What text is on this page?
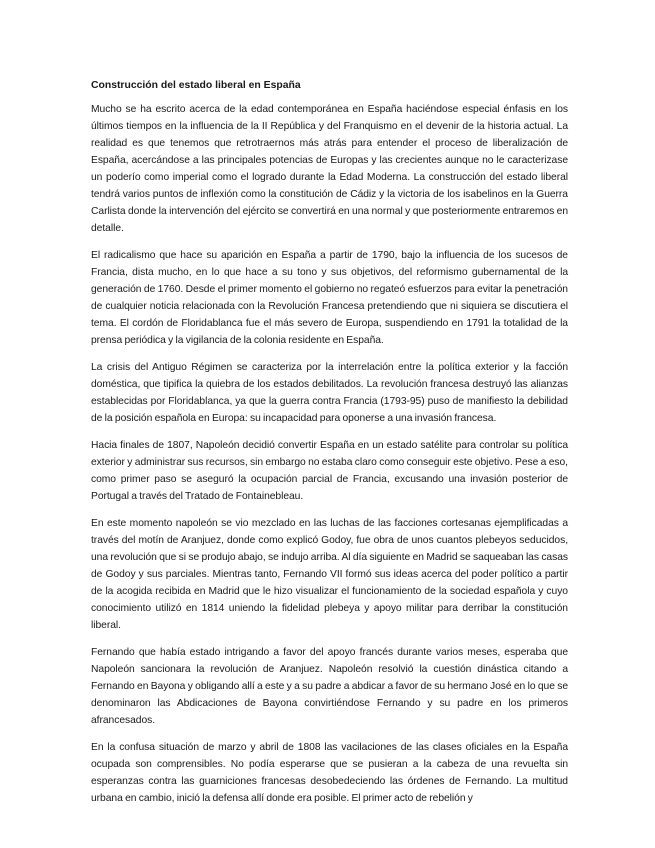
Construcción del estado liberal en España

Mucho se ha escrito acerca de la edad contemporánea en España haciéndose especial énfasis en los últimos tiempos en la influencia de la II República y del Franquismo en el devenir de la historia actual. La realidad es que tenemos que retrotraernos más atrás para entender el proceso de liberalización de España, acercándose a las principales potencias de Europas y las crecientes aunque no le caracterizase un poderío como imperial como el logrado durante la Edad Moderna. La construcción del estado liberal tendrá varios puntos de inflexión como la constitución de Cádiz y la victoria de los isabelinos en la Guerra Carlista donde la intervención del ejército se convertirá en una normal y que posteriormente entraremos en detalle.

El radicalismo que hace su aparición en España a partir de 1790, bajo la influencia de los sucesos de Francia, dista mucho, en lo que hace a su tono y sus objetivos, del reformismo gubernamental de la generación de 1760. Desde el primer momento el gobierno no regateó esfuerzos para evitar la penetración de cualquier noticia relacionada con la Revolución Francesa pretendiendo que ni siquiera se discutiera el tema. El cordón de Floridablanca fue el más severo de Europa, suspendiendo en 1791 la totalidad de la prensa periódica y la vigilancia de la colonia residente en España.

La crisis del Antiguo Régimen se caracteriza por la interrelación entre la política exterior y la facción doméstica, que tipifica la quiebra de los estados debilitados. La revolución francesa destruyó las alianzas establecidas por Floridablanca, ya que la guerra contra Francia (1793-95) puso de manifiesto la debilidad de la posición española en Europa: su incapacidad para oponerse a una invasión francesa.

Hacia finales de 1807, Napoleón decidió convertir España en un estado satélite para controlar su política exterior y administrar sus recursos, sin embargo no estaba claro como conseguir este objetivo. Pese a eso, como primer paso se aseguró la ocupación parcial de Francia, excusando una invasión posterior de Portugal a través del Tratado de Fontainebleau.

En este momento napoleón se vio mezclado en las luchas de las facciones cortesanas ejemplificadas a través del motín de Aranjuez, donde como explicó Godoy, fue obra de unos cuantos plebeyos seducidos, una revolución que si se produjo abajo, se indujo arriba. Al día siguiente en Madrid se saqueaban las casas de Godoy y sus parciales. Mientras tanto, Fernando VII formó sus ideas acerca del poder político a partir de la acogida recibida en Madrid que le hizo visualizar el funcionamiento de la sociedad española y cuyo conocimiento utilizó en 1814 uniendo la fidelidad plebeya y apoyo militar para derribar la constitución liberal.

Fernando que había estado intrigando a favor del apoyo francés durante varios meses, esperaba que Napoleón sancionara la revolución de Aranjuez. Napoleón resolvió la cuestión dinástica citando a Fernando en Bayona y obligando allí a este y a su padre a abdicar a favor de su hermano José en lo que se denominaron las Abdicaciones de Bayona convirtiéndose Fernando y su padre en los primeros afrancesados.

En la confusa situación de marzo y abril de 1808 las vacilaciones de las clases oficiales en la España ocupada son comprensibles. No podía esperarse que se pusieran a la cabeza de una revuelta sin esperanzas contra las guarniciones francesas desobedeciendo las órdenes de Fernando. La multitud urbana en cambio, inició la defensa allí donde era posible. El primer acto de rebelión y
